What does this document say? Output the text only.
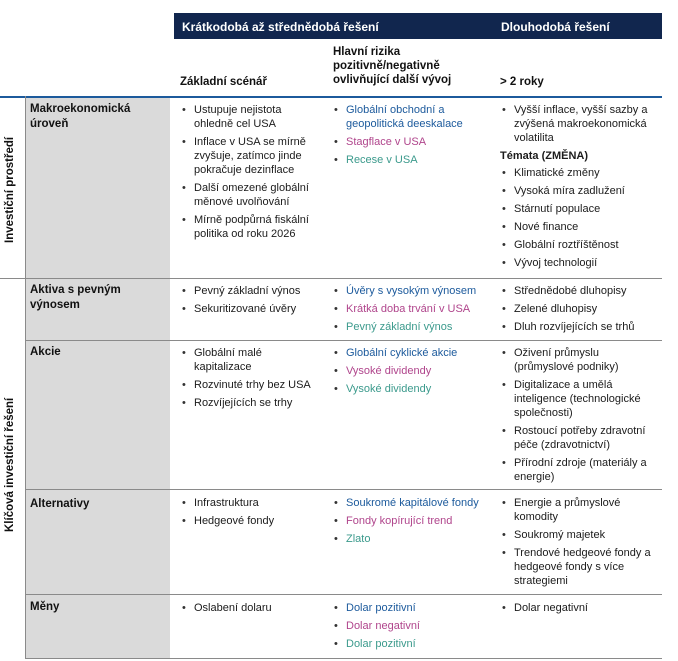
Krátkodobá až střednědobá řešení	Dlouhodobá řešení
Základní scénář
Hlavní rizika pozitivně/negativně ovlivňující další vývoj	> 2 roky
Investiční prostředí
Klíčová investiční řešení
Makroekonomická úroveň
Aktiva s pevným výnosem
Akcie
Alternativy
Měny
• Ustupuje nejistota ohledně cel USA
• Inflace v USA se mírně zvyšuje, zatímco jinde pokračuje dezinflace
• Další omezené globální měnové uvolňování
• Mírně podpůrná fiskální politika od roku 2026
• Globální obchodní a geopolitická deeskalace
• Stagflace v USA
• Recese v USA
• Vyšší inflace, vyšší sazby a zvýšená makroekonomická volatilita
Témata (ZMĚNA)
• Klimatické změny
• Vysoká míra zadlužení
• Stárnutí populace
• Nové finance
• Globální roztříštěnost
• Vývoj technologií
• Pevný základní výnos
• Sekuritizované úvěry
• Úvěry s vysokým výnosem
• Krátká doba trvání v USA
• Pevný základní výnos
• Střednědobé dluhopisy
• Zelené dluhopisy
• Dluh rozvíjejících se trhů
• Globální malé kapitalizace
• Rozvinuté trhy bez USA
• Rozvíjejících se trhy
• Globální cyklické akcie
• Vysoké dividendy
• Vysoké dividendy
• Oživení průmyslu (průmyslové podniky)
• Digitalizace a umělá inteligence (technologické společnosti)
• Rostoucí potřeby zdravotní péče (zdravotnictví)
• Přírodní zdroje (materiály a energie)
• Infrastruktura
• Hedgeové fondy
• Soukromé kapitálové fondy
• Fondy kopírující trend
• Zlato
• Energie a průmyslové komodity
• Soukromý majetek
• Trendové hedgeové fondy a hedgeové fondy s více strategiemi
• Oslabení dolaru
•	Dolar pozitivní
• Dolar negativní
• Dolar pozitivní
• Dolar negativní
